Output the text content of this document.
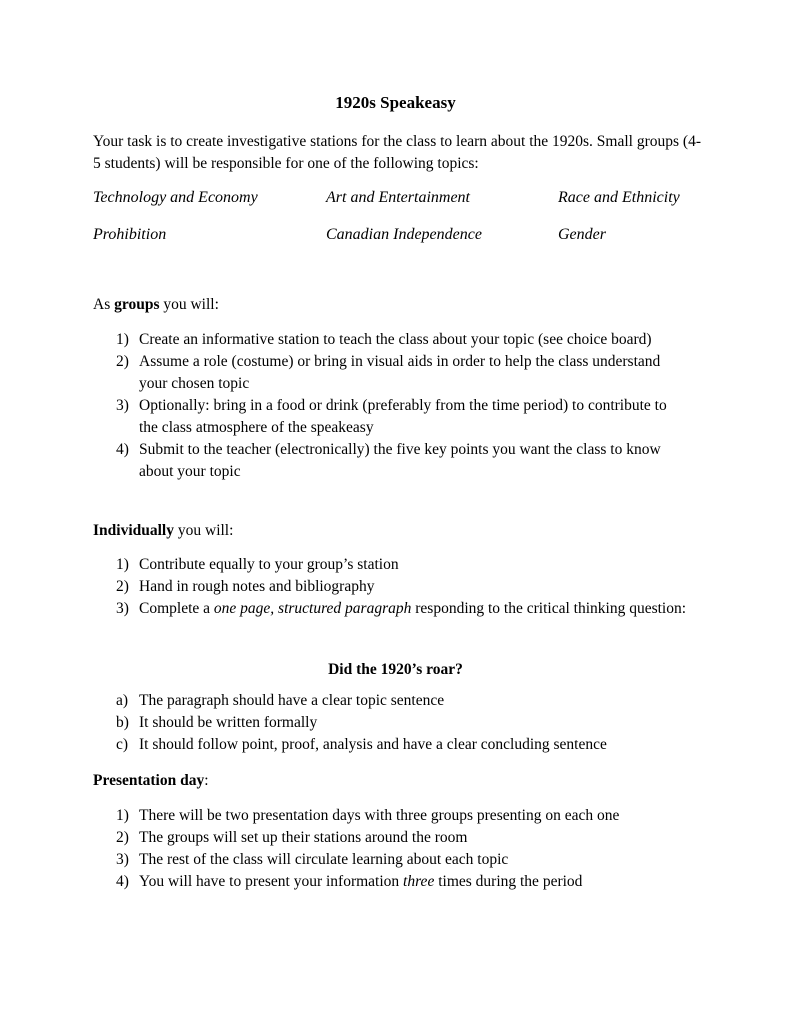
1920s Speakeasy

Your task is to create investigative stations for the class to learn about the 1920s. Small groups (4-5 students) will be responsible for one of the following topics:

Technology and Economy	Art and Entertainment	Race and Ethnicity
Prohibition	Canadian Independence	Gender

As groups you will:

1) Create an informative station to teach the class about your topic (see choice board)
2) Assume a role (costume) or bring in visual aids in order to help the class understand your chosen topic
3) Optionally: bring in a food or drink (preferably from the time period) to contribute to the class atmosphere of the speakeasy
4) Submit to the teacher (electronically) the five key points you want the class to know about your topic

Individually you will:

1) Contribute equally to your group’s station
2) Hand in rough notes and bibliography
3) Complete a one page, structured paragraph responding to the critical thinking question:
Did the 1920’s roar?
a) The paragraph should have a clear topic sentence
b) It should be written formally
c) It should follow point, proof, analysis and have a clear concluding sentence

Presentation day:

1) There will be two presentation days with three groups presenting on each one
2) The groups will set up their stations around the room
3) The rest of the class will circulate learning about each topic
4) You will have to present your information three times during the period
